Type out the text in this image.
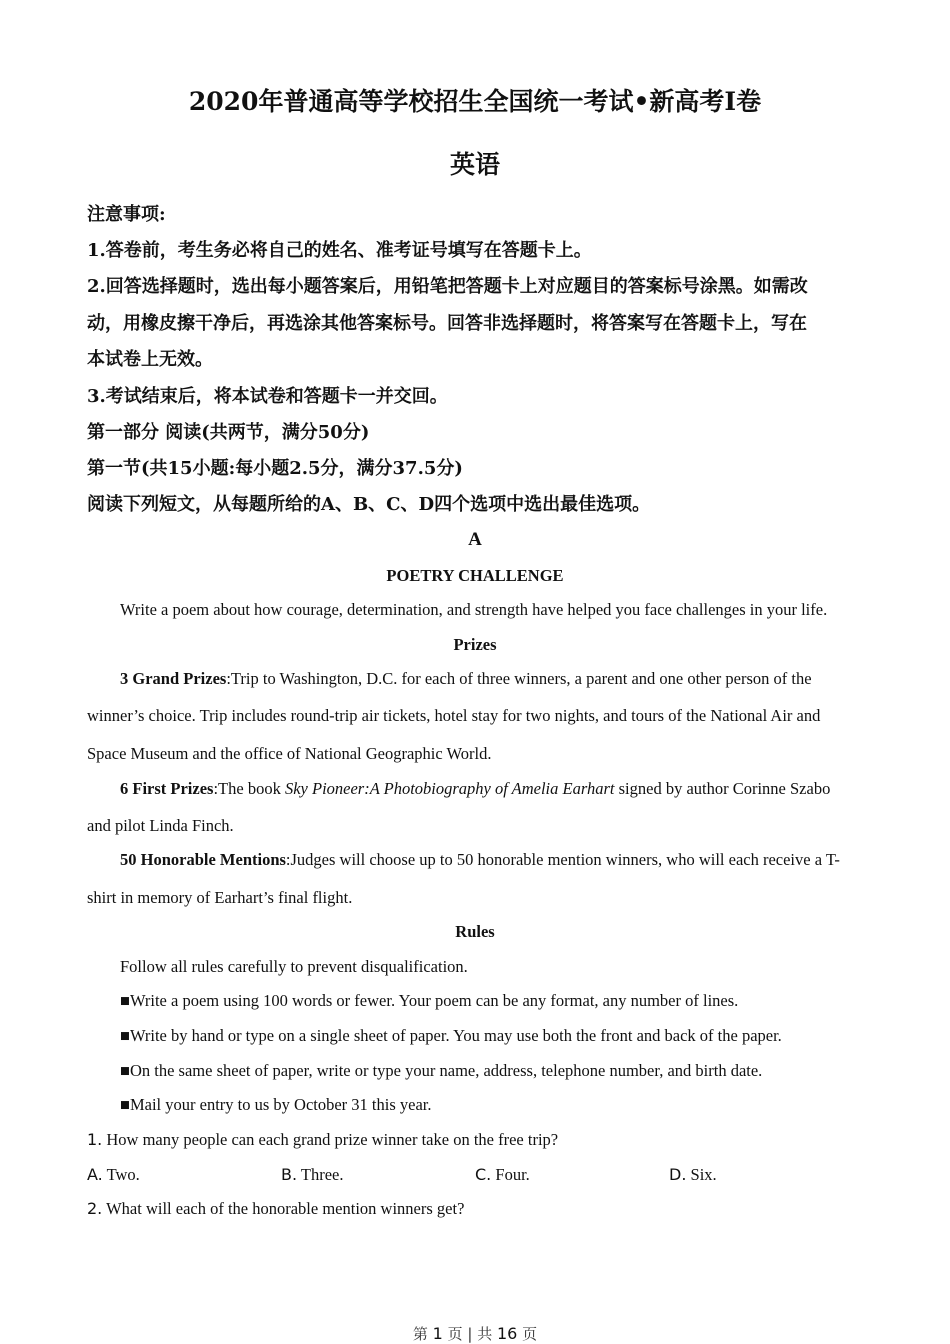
2020年普通高等学校招生全国统一考试•新高考Ⅰ卷
英语
注意事项:
1.答卷前，考生务必将自己的姓名、准考证号填写在答题卡上。
2.回答选择题时，选出每小题答案后，用铅笔把答题卡上对应题目的答案标号涂黑。如需改
动，用橡皮擦干净后，再选涂其他答案标号。回答非选择题时，将答案写在答题卡上，写在
本试卷上无效。
3.考试结束后，将本试卷和答题卡一并交回。
第一部分 阅读(共两节，满分50分)
第一节(共15小题:每小题2.5分，满分37.5分)
阅读下列短文，从每题所给的A、B、C、D四个选项中选出最佳选项。
A
POETRY CHALLENGE
Write a poem about how courage, determination, and strength have helped you face challenges in your life.
Prizes
3 Grand Prizes:Trip to Washington, D.C. for each of three winners, a parent and one other person of the
winner’s choice. Trip includes round-trip air tickets, hotel stay for two nights, and tours of the National Air and
Space Museum and the office of National Geographic World.
6 First Prizes:The book Sky Pioneer:A Photobiography of Amelia Earhart signed by author Corinne Szabo
and pilot Linda Finch.
50 Honorable Mentions:Judges will choose up to 50 honorable mention winners, who will each receive a T-
shirt in memory of Earhart’s final flight.
Rules
Follow all rules carefully to prevent disqualification.
■Write a poem using 100 words or fewer. Your poem can be any format, any number of lines.
■Write by hand or type on a single sheet of paper. You may use both the front and back of the paper.
■On the same sheet of paper, write or type your name, address, telephone number, and birth date.
■Mail your entry to us by October 31 this year.
1. How many people can each grand prize winner take on the free trip?
A. Two.	B. Three.	C. Four.	D. Six.
2. What will each of the honorable mention winners get?
第 1 页 | 共 16 页
